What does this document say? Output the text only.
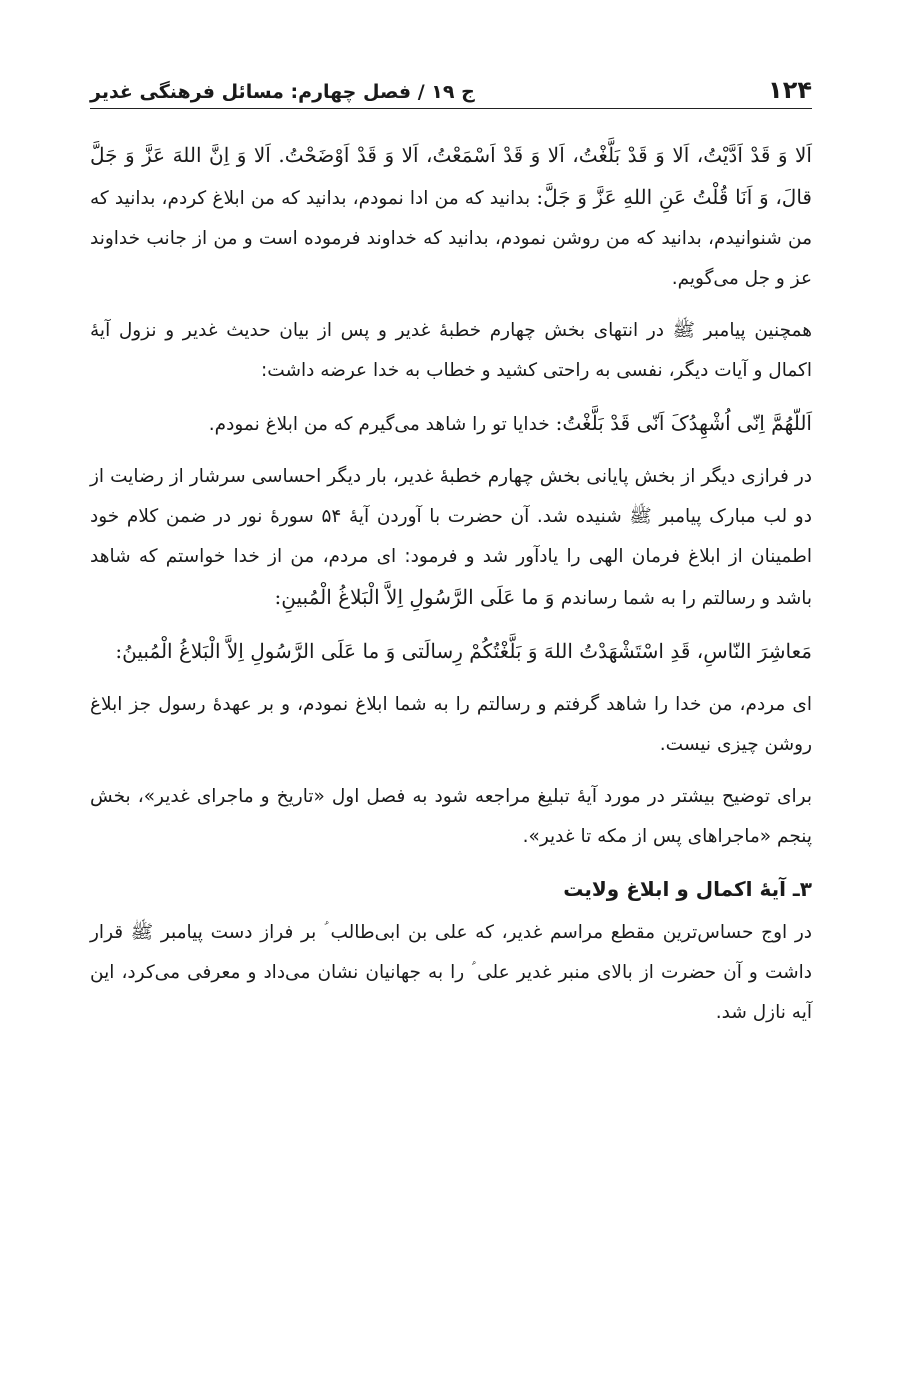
۱۲۴
ج ۱۹ / فصل چهارم: مسائل فرهنگی غدیر

اَلا وَ قَدْ اَدَّیْتُ، اَلا وَ قَدْ بَلَّغْتُ، اَلا وَ قَدْ اَسْمَعْتُ، اَلا وَ قَدْ اَوْضَحْتُ. اَلا وَ اِنَّ اللهَ عَزَّ وَ جَلَّ قالَ، وَ اَنَا قُلْتُ عَنِ اللهِ عَزَّ وَ جَلَّ: بدانید که من ادا نمودم، بدانید که من ابلاغ کردم، بدانید که من شنوانیدم، بدانید که من روشن نمودم، بدانید که خداوند فرموده است و من از جانب خداوند عز و جل می‌گویم.

همچنین پیامبر ﷺ در انتهای بخش چهارم خطبهٔ غدیر و پس از بیان حدیث غدیر و نزول آیهٔ اکمال و آیات دیگر، نفسی به راحتی کشید و خطاب به خدا عرضه داشت:

اَللّهُمَّ اِنّی اُشْهِدُکَ اَنّی قَدْ بَلَّغْتُ: خدایا تو را شاهد می‌گیرم که من ابلاغ نمودم.

در فرازی دیگر از بخش پایانی بخش چهارم خطبهٔ غدیر، بار دیگر احساسی سرشار از رضایت از دو لب مبارک پیامبر ﷺ شنیده شد. آن حضرت با آوردن آیهٔ ۵۴ سورهٔ نور در ضمن کلام خود اطمینان از ابلاغ فرمان الهی را یادآور شد و فرمود: ای مردم، من از خدا خواستم که شاهد باشد و رسالتم را به شما رساندم وَ ما عَلَی الرَّسُولِ اِلاَّ الْبَلاغُ الْمُبینِ:

مَعاشِرَ النّاسِ، قَدِ اسْتَشْهَدْتُ اللهَ وَ بَلَّغْتُکُمْ رِسالَتی وَ ما عَلَی الرَّسُولِ اِلاَّ الْبَلاغُ الْمُبینُ:

ای مردم، من خدا را شاهد گرفتم و رسالتم را به شما ابلاغ نمودم، و بر عهدهٔ رسول جز ابلاغ روشن چیزی نیست.

برای توضیح بیشتر در مورد آیهٔ تبلیغ مراجعه شود به فصل اول «تاریخ و ماجرای غدیر»، بخش پنجم «ماجراهای پس از مکه تا غدیر».

۳ـ آیهٔ اکمال و ابلاغ ولایت

در اوج حساس‌ترین مقطع مراسم غدیر، که علی بن ابی‌طالب ؑ بر فراز دست پیامبر ﷺ قرار داشت و آن حضرت از بالای منبر غدیر علی ؑ را به جهانیان نشان می‌داد و معرفی می‌کرد، این آیه نازل شد.
